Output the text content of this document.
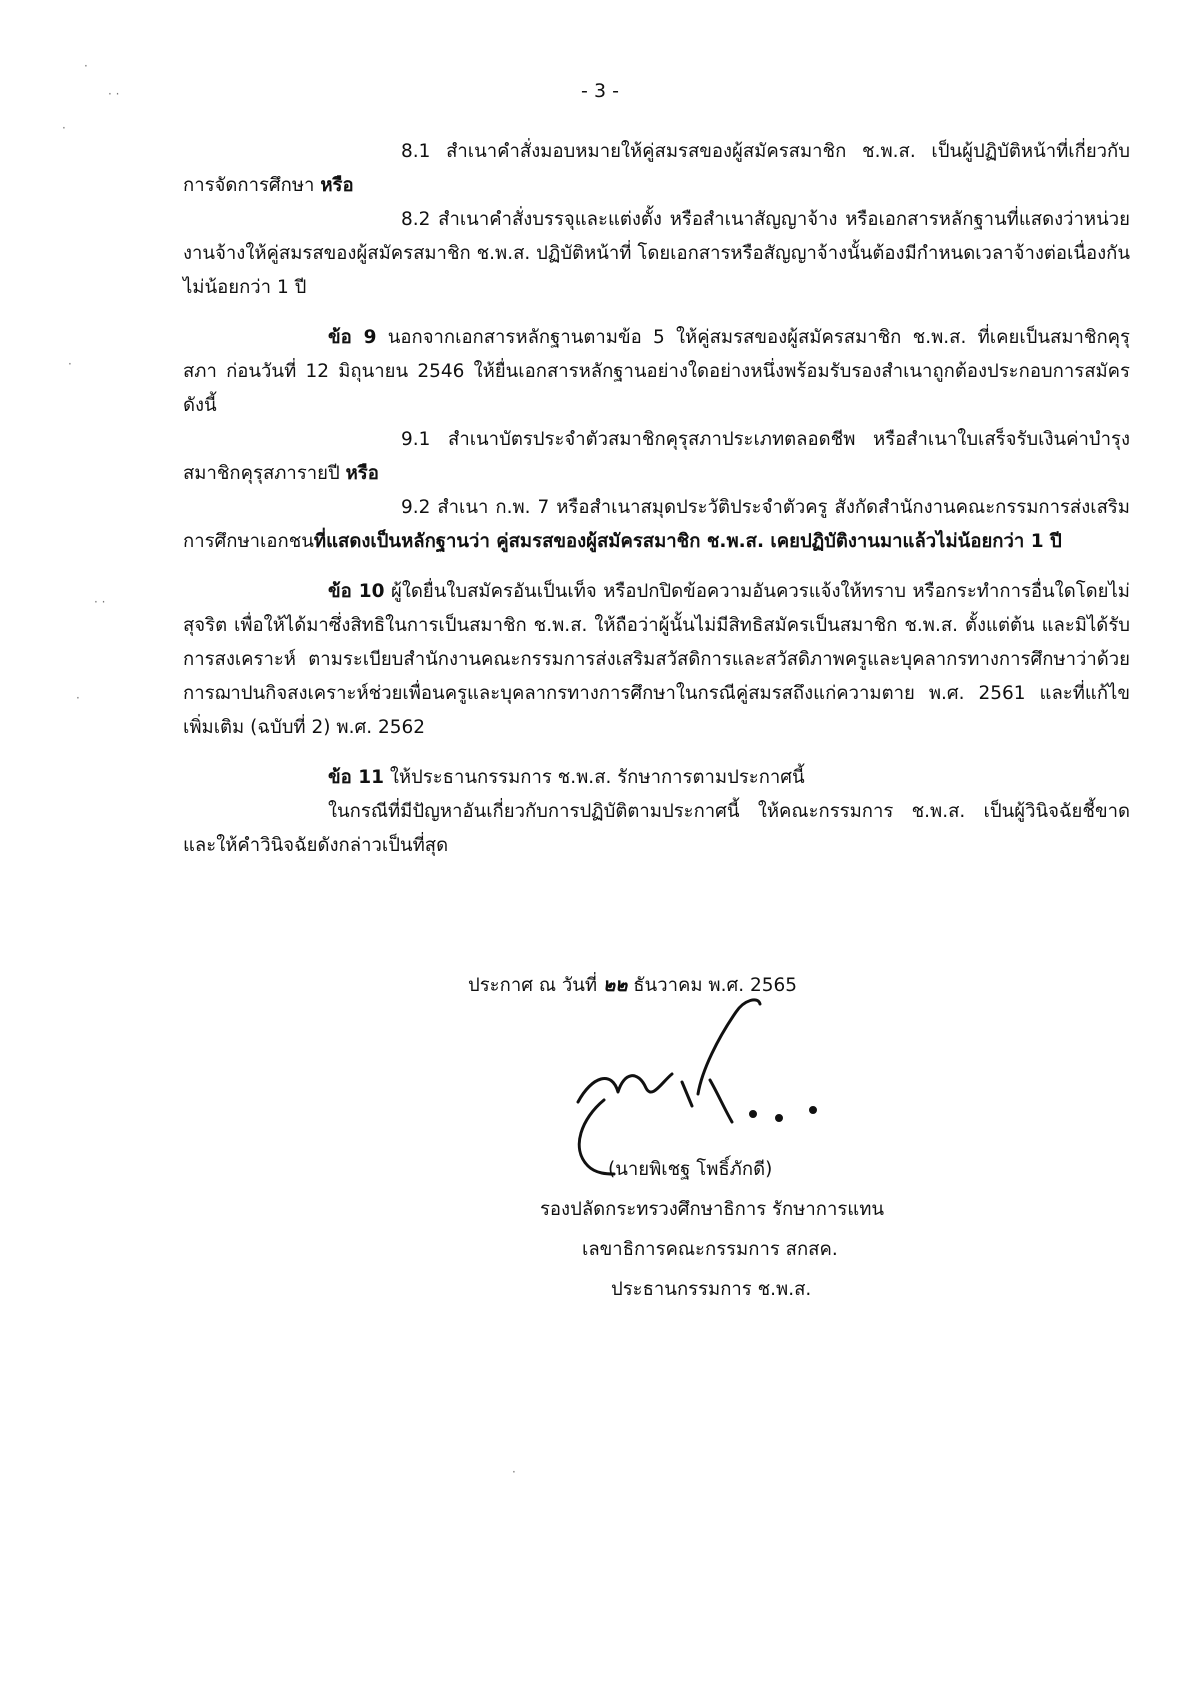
- 3 -

8.1 สำเนาคำสั่งมอบหมายให้คู่สมรสของผู้สมัครสมาชิก ช.พ.ส. เป็นผู้ปฏิบัติหน้าที่เกี่ยวกับการจัดการศึกษา หรือ

8.2 สำเนาคำสั่งบรรจุและแต่งตั้ง หรือสำเนาสัญญาจ้าง หรือเอกสารหลักฐานที่แสดงว่าหน่วยงานจ้างให้คู่สมรสของผู้สมัครสมาชิก ช.พ.ส. ปฏิบัติหน้าที่ โดยเอกสารหรือสัญญาจ้างนั้นต้องมีกำหนดเวลาจ้างต่อเนื่องกันไม่น้อยกว่า 1 ปี

ข้อ 9 นอกจากเอกสารหลักฐานตามข้อ 5 ให้คู่สมรสของผู้สมัครสมาชิก ช.พ.ส. ที่เคยเป็นสมาชิกคุรุสภา ก่อนวันที่ 12 มิถุนายน 2546 ให้ยื่นเอกสารหลักฐานอย่างใดอย่างหนึ่งพร้อมรับรองสำเนาถูกต้องประกอบการสมัคร ดังนี้

9.1 สำเนาบัตรประจำตัวสมาชิกคุรุสภาประเภทตลอดชีพ หรือสำเนาใบเสร็จรับเงินค่าบำรุงสมาชิกคุรุสภารายปี หรือ

9.2 สำเนา ก.พ. 7 หรือสำเนาสมุดประวัติประจำตัวครู สังกัดสำนักงานคณะกรรมการส่งเสริมการศึกษาเอกชนที่แสดงเป็นหลักฐานว่า คู่สมรสของผู้สมัครสมาชิก ช.พ.ส. เคยปฏิบัติงานมาแล้วไม่น้อยกว่า 1 ปี

ข้อ 10 ผู้ใดยื่นใบสมัครอันเป็นเท็จ หรือปกปิดข้อความอันควรแจ้งให้ทราบ หรือกระทำการอื่นใดโดยไม่สุจริต เพื่อให้ได้มาซึ่งสิทธิในการเป็นสมาชิก ช.พ.ส. ให้ถือว่าผู้นั้นไม่มีสิทธิสมัครเป็นสมาชิก ช.พ.ส. ตั้งแต่ต้น และมิได้รับการสงเคราะห์ ตามระเบียบสำนักงานคณะกรรมการส่งเสริมสวัสดิการและสวัสดิภาพครูและบุคลากรทางการศึกษาว่าด้วย การฌาปนกิจสงเคราะห์ช่วยเพื่อนครูและบุคลากรทางการศึกษาในกรณีคู่สมรสถึงแก่ความตาย พ.ศ. 2561 และที่แก้ไขเพิ่มเติม (ฉบับที่ 2) พ.ศ. 2562

ข้อ 11 ให้ประธานกรรมการ ช.พ.ส. รักษาการตามประกาศนี้

ในกรณีที่มีปัญหาอันเกี่ยวกับการปฏิบัติตามประกาศนี้ ให้คณะกรรมการ ช.พ.ส. เป็นผู้วินิจฉัยชี้ขาด และให้คำวินิจฉัยดังกล่าวเป็นที่สุด

ประกาศ ณ วันที่ ๒๒ ธันวาคม พ.ศ. 2565
(นายพิเชฐ โพธิ์ภักดี)
รองปลัดกระทรวงศึกษาธิการ รักษาการแทน
เลขาธิการคณะกรรมการ สกสค.
ประธานกรรมการ ช.พ.ส.
·
· ·
·
·
· ·
·
·
